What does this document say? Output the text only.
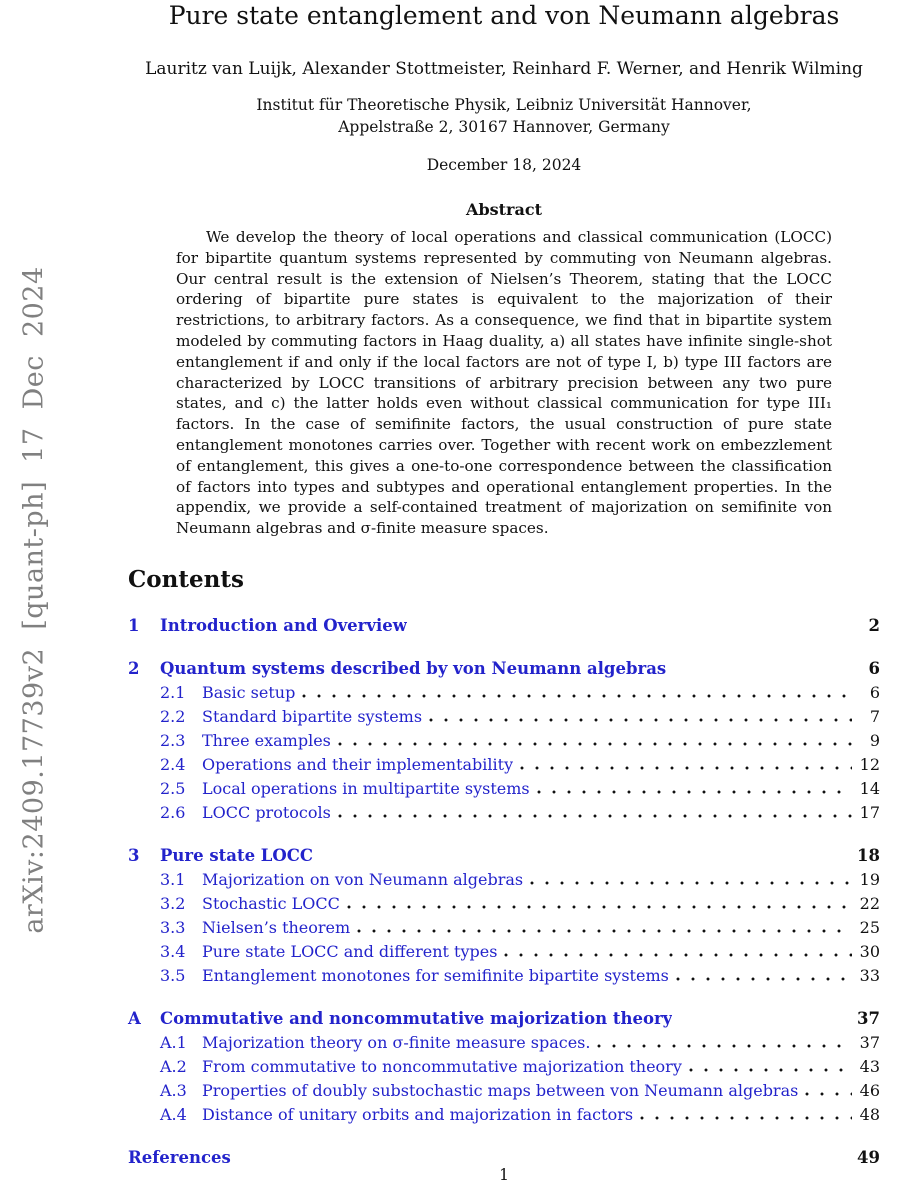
arXiv:2409.17739v2 [quant-ph] 17 Dec 2024
Pure state entanglement and von Neumann algebras
Lauritz van Luijk, Alexander Stottmeister, Reinhard F. Werner, and Henrik Wilming
Institut für Theoretische Physik, Leibniz Universität Hannover,
Appelstraße 2, 30167 Hannover, Germany
December 18, 2024
Abstract
We develop the theory of local operations and classical communication (LOCC) for bipartite quantum systems represented by commuting von Neumann algebras. Our central result is the extension of Nielsen’s Theorem, stating that the LOCC ordering of bipartite pure states is equivalent to the majorization of their restrictions, to arbitrary factors. As a consequence, we find that in bipartite system modeled by commuting factors in Haag duality, a) all states have infinite single-shot entanglement if and only if the local factors are not of type I, b) type III factors are characterized by LOCC transitions of arbitrary precision between any two pure states, and c) the latter holds even without classical communication for type III₁ factors. In the case of semifinite factors, the usual construction of pure state entanglement monotones carries over. Together with recent work on embezzlement of entanglement, this gives a one-to-one correspondence between the classification of factors into types and subtypes and operational entanglement properties. In the appendix, we provide a self-contained treatment of majorization on semifinite von Neumann algebras and σ-finite measure spaces.
Contents
1	Introduction and Overview	2
2	Quantum systems described by von Neumann algebras	6
2.1	Basic setup	6
2.2	Standard bipartite systems	7
2.3	Three examples	9
2.4	Operations and their implementability	12
2.5	Local operations in multipartite systems	14
2.6	LOCC protocols	17
3	Pure state LOCC	18
3.1	Majorization on von Neumann algebras	19
3.2	Stochastic LOCC	22
3.3	Nielsen’s theorem	25
3.4	Pure state LOCC and different types	30
3.5	Entanglement monotones for semifinite bipartite systems	33
A	Commutative and noncommutative majorization theory	37
A.1 Majorization theory on σ-finite measure spaces.	37
A.2 From commutative to noncommutative majorization theory	43
A.3 Properties of doubly substochastic maps between von Neumann algebras	46
A.4 Distance of unitary orbits and majorization in factors	48
References	49
1
